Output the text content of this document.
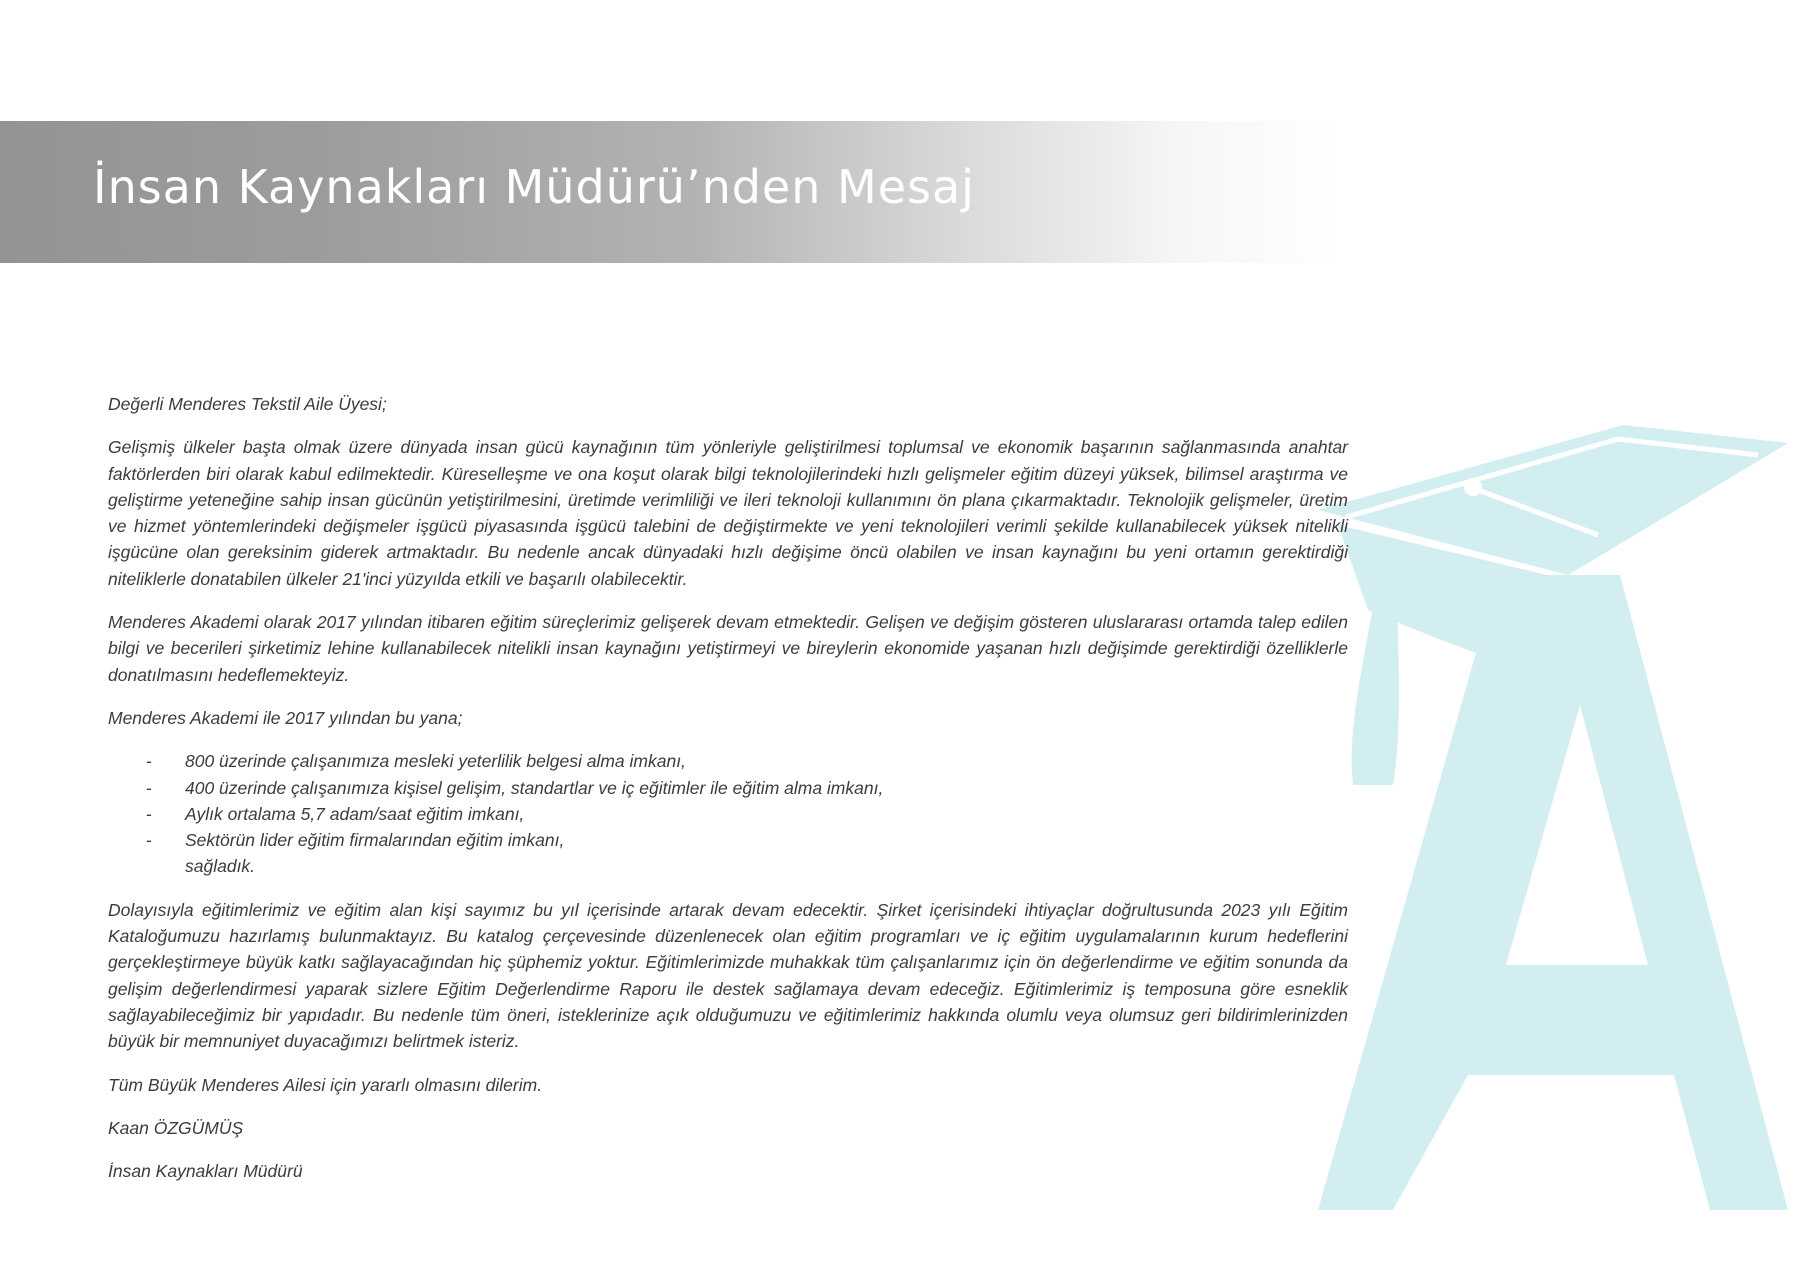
İnsan Kaynakları Müdürü’nden Mesaj

Değerli Menderes Tekstil Aile Üyesi;

Gelişmiş ülkeler başta olmak üzere dünyada insan gücü kaynağının tüm yönleriyle geliştirilmesi toplumsal ve ekonomik başarının sağlanmasında anahtar faktörlerden biri olarak kabul edilmektedir. Küreselleşme ve ona koşut olarak bilgi teknolojilerindeki hızlı gelişmeler eğitim düzeyi yüksek, bilimsel araştırma ve geliştirme yeteneğine sahip insan gücünün yetiştirilmesini, üretimde verimliliği ve ileri teknoloji kullanımını ön plana çıkarmaktadır. Teknolojik gelişmeler, üretim ve hizmet yöntemlerindeki değişmeler işgücü piyasasında işgücü talebini de değiştirmekte ve yeni teknolojileri verimli şekilde kullanabilecek yüksek nitelikli işgücüne olan gereksinim giderek artmaktadır. Bu nedenle ancak dünyadaki hızlı değişime öncü olabilen ve insan kaynağını bu yeni ortamın gerektirdiği niteliklerle donatabilen ülkeler 21'inci yüzyılda etkili ve başarılı olabilecektir.

Menderes Akademi olarak 2017 yılından itibaren eğitim süreçlerimiz gelişerek devam etmektedir. Gelişen ve değişim gösteren uluslararası ortamda talep edilen bilgi ve becerileri şirketimiz lehine kullanabilecek nitelikli insan kaynağını yetiştirmeyi ve bireylerin ekonomide yaşanan hızlı değişimde gerektirdiği özelliklerle donatılmasını hedeflemekteyiz.

Menderes Akademi ile 2017 yılından bu yana;

- 800 üzerinde çalışanımıza mesleki yeterlilik belgesi alma imkanı,
- 400 üzerinde çalışanımıza kişisel gelişim, standartlar ve iç eğitimler ile eğitim alma imkanı,
- Aylık ortalama 5,7 adam/saat eğitim imkanı,
- Sektörün lider eğitim firmalarından eğitim imkanı,

sağladık.

Dolayısıyla eğitimlerimiz ve eğitim alan kişi sayımız bu yıl içerisinde artarak devam edecektir. Şirket içerisindeki ihtiyaçlar doğrultusunda 2023 yılı Eğitim Kataloğumuzu hazırlamış bulunmaktayız. Bu katalog çerçevesinde düzenlenecek olan eğitim programları ve iç eğitim uygulamalarının kurum hedeflerini gerçekleştirmeye büyük katkı sağlayacağından hiç şüphemiz yoktur. Eğitimlerimizde muhakkak tüm çalışanlarımız için ön değerlendirme ve eğitim sonunda da gelişim değerlendirmesi yaparak sizlere Eğitim Değerlendirme Raporu ile destek sağlamaya devam edeceğiz. Eğitimlerimiz iş temposuna göre esneklik sağlayabileceğimiz bir yapıdadır. Bu nedenle tüm öneri, isteklerinize açık olduğumuzu ve eğitimlerimiz hakkında olumlu veya olumsuz geri bildirimlerinizden büyük bir memnuniyet duyacağımızı belirtmek isteriz.

Tüm Büyük Menderes Ailesi için yararlı olmasını dilerim.

Kaan ÖZGÜMÜŞ

İnsan Kaynakları Müdürü
